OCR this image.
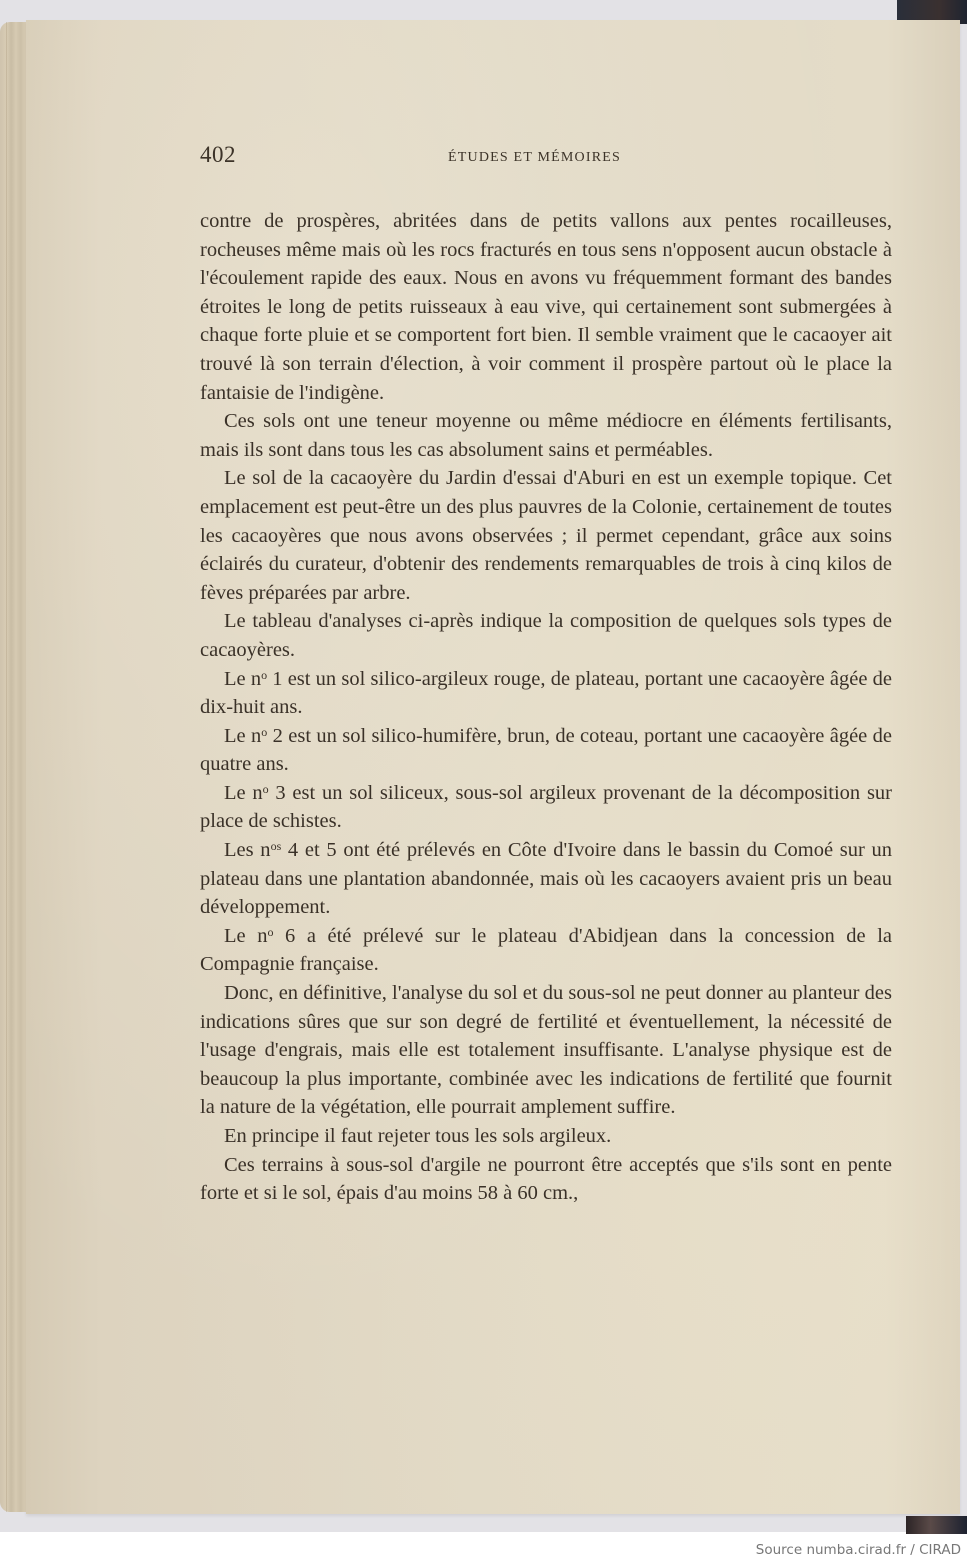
402	ÉTUDES ET MÉMOIRES

contre de prospères, abritées dans de petits vallons aux pentes rocailleuses, rocheuses même mais où les rocs fracturés en tous sens n'opposent aucun obstacle à l'écoulement rapide des eaux. Nous en avons vu fréquemment formant des bandes étroites le long de petits ruisseaux à eau vive, qui certainement sont submergées à chaque forte pluie et se comportent fort bien. Il semble vraiment que le cacaoyer ait trouvé là son terrain d'élection, à voir comment il prospère partout où le place la fantaisie de l'indigène.

Ces sols ont une teneur moyenne ou même médiocre en éléments fertilisants, mais ils sont dans tous les cas absolument sains et perméables.

Le sol de la cacaoyère du Jardin d'essai d'Aburi en est un exemple topique. Cet emplacement est peut-être un des plus pauvres de la Colonie, certainement de toutes les cacaoyères que nous avons observées ; il permet cependant, grâce aux soins éclairés du curateur, d'obtenir des rendements remarquables de trois à cinq kilos de fèves préparées par arbre.

Le tableau d'analyses ci-après indique la composition de quelques sols types de cacaoyères.

Le $n^o$ 1 est un sol silico-argileux rouge, de plateau, portant une cacaoyère âgée de dix-huit ans.

Le $n^o$ 2 est un sol silico-humifère, brun, de coteau, portant une cacaoyère âgée de quatre ans.

Le $n^o$ 3 est un sol siliceux, sous-sol argileux provenant de la décomposition sur place de schistes.

Les $n^{os}$ 4 et 5 ont été prélevés en Côte d'Ivoire dans le bassin du Comoé sur un plateau dans une plantation abandonnée, mais où les cacaoyers avaient pris un beau développement.

Le $n^o$ 6 a été prélevé sur le plateau d'Abidjean dans la concession de la Compagnie française.

Donc, en définitive, l'analyse du sol et du sous-sol ne peut donner au planteur des indications sûres que sur son degré de fertilité et éventuellement, la nécessité de l'usage d'engrais, mais elle est totalement insuffisante. L'analyse physique est de beaucoup la plus importante, combinée avec les indications de fertilité que fournit la nature de la végétation, elle pourrait amplement suffire.

En principe il faut rejeter tous les sols argileux.

Ces terrains à sous-sol d'argile ne pourront être acceptés que s'ils sont en pente forte et si le sol, épais d'au moins 58 à 60 cm.,

Source numba.cirad.fr / CIRAD
